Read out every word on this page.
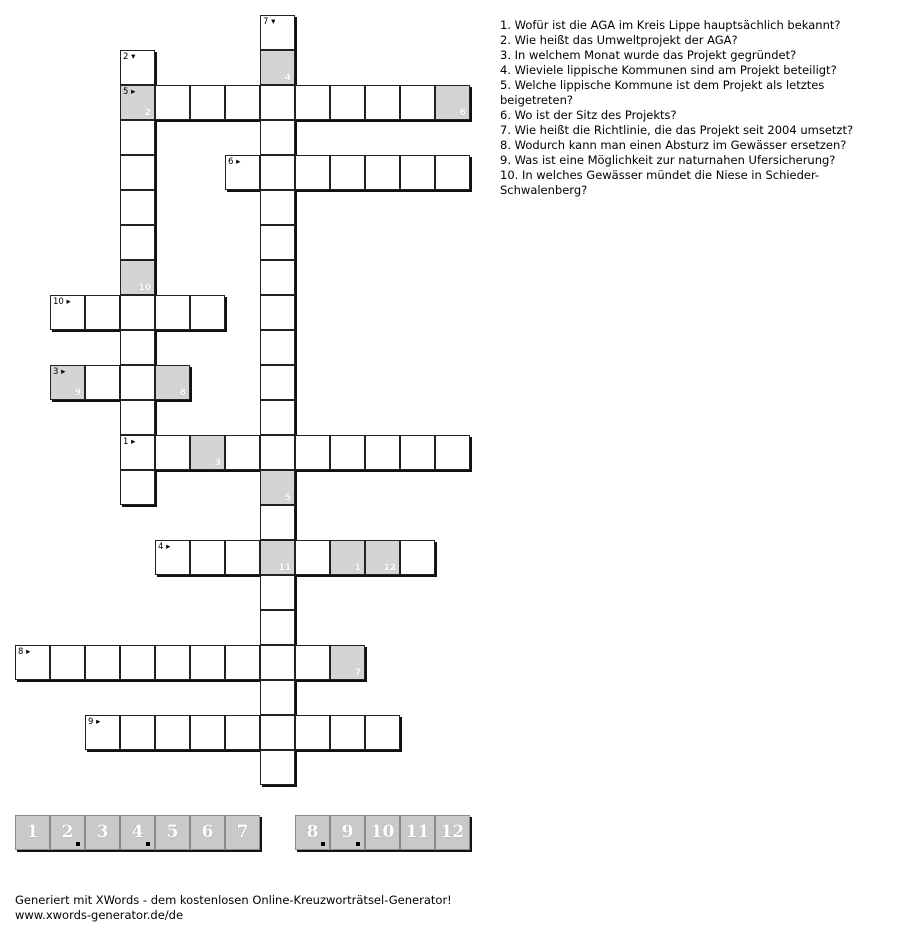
7 ▾
2 ▾
4
5 ▸
2	6
6 ▸
10
10 ▸
3 ▸
9	8
1 ▸
3
5
4 ▸
11	1 12
8 ▸
7
9 ▸
1. Wofür ist die AGA im Kreis Lippe hauptsächlich bekannt?
2. Wie heißt das Umweltprojekt der AGA?
3. In welchem Monat wurde das Projekt gegründet?
4. Wieviele lippische Kommunen sind am Projekt beteiligt?
5. Welche lippische Kommune ist dem Projekt als letztes beigetreten?
6. Wo ist der Sitz des Projekts?
7. Wie heißt die Richtlinie, die das Projekt seit 2004 umsetzt?
8. Wodurch kann man einen Absturz im Gewässer ersetzen?
9. Was ist eine Möglichkeit zur naturnahen Ufersicherung?
10. In welches Gewässer mündet die Niese in Schieder-Schwalenberg?
1	2	3	4	5	6	7	8	9	10 11 12
Generiert mit XWords - dem kostenlosen Online-Kreuzworträtsel-Generator!
www.xwords-generator.de/de
